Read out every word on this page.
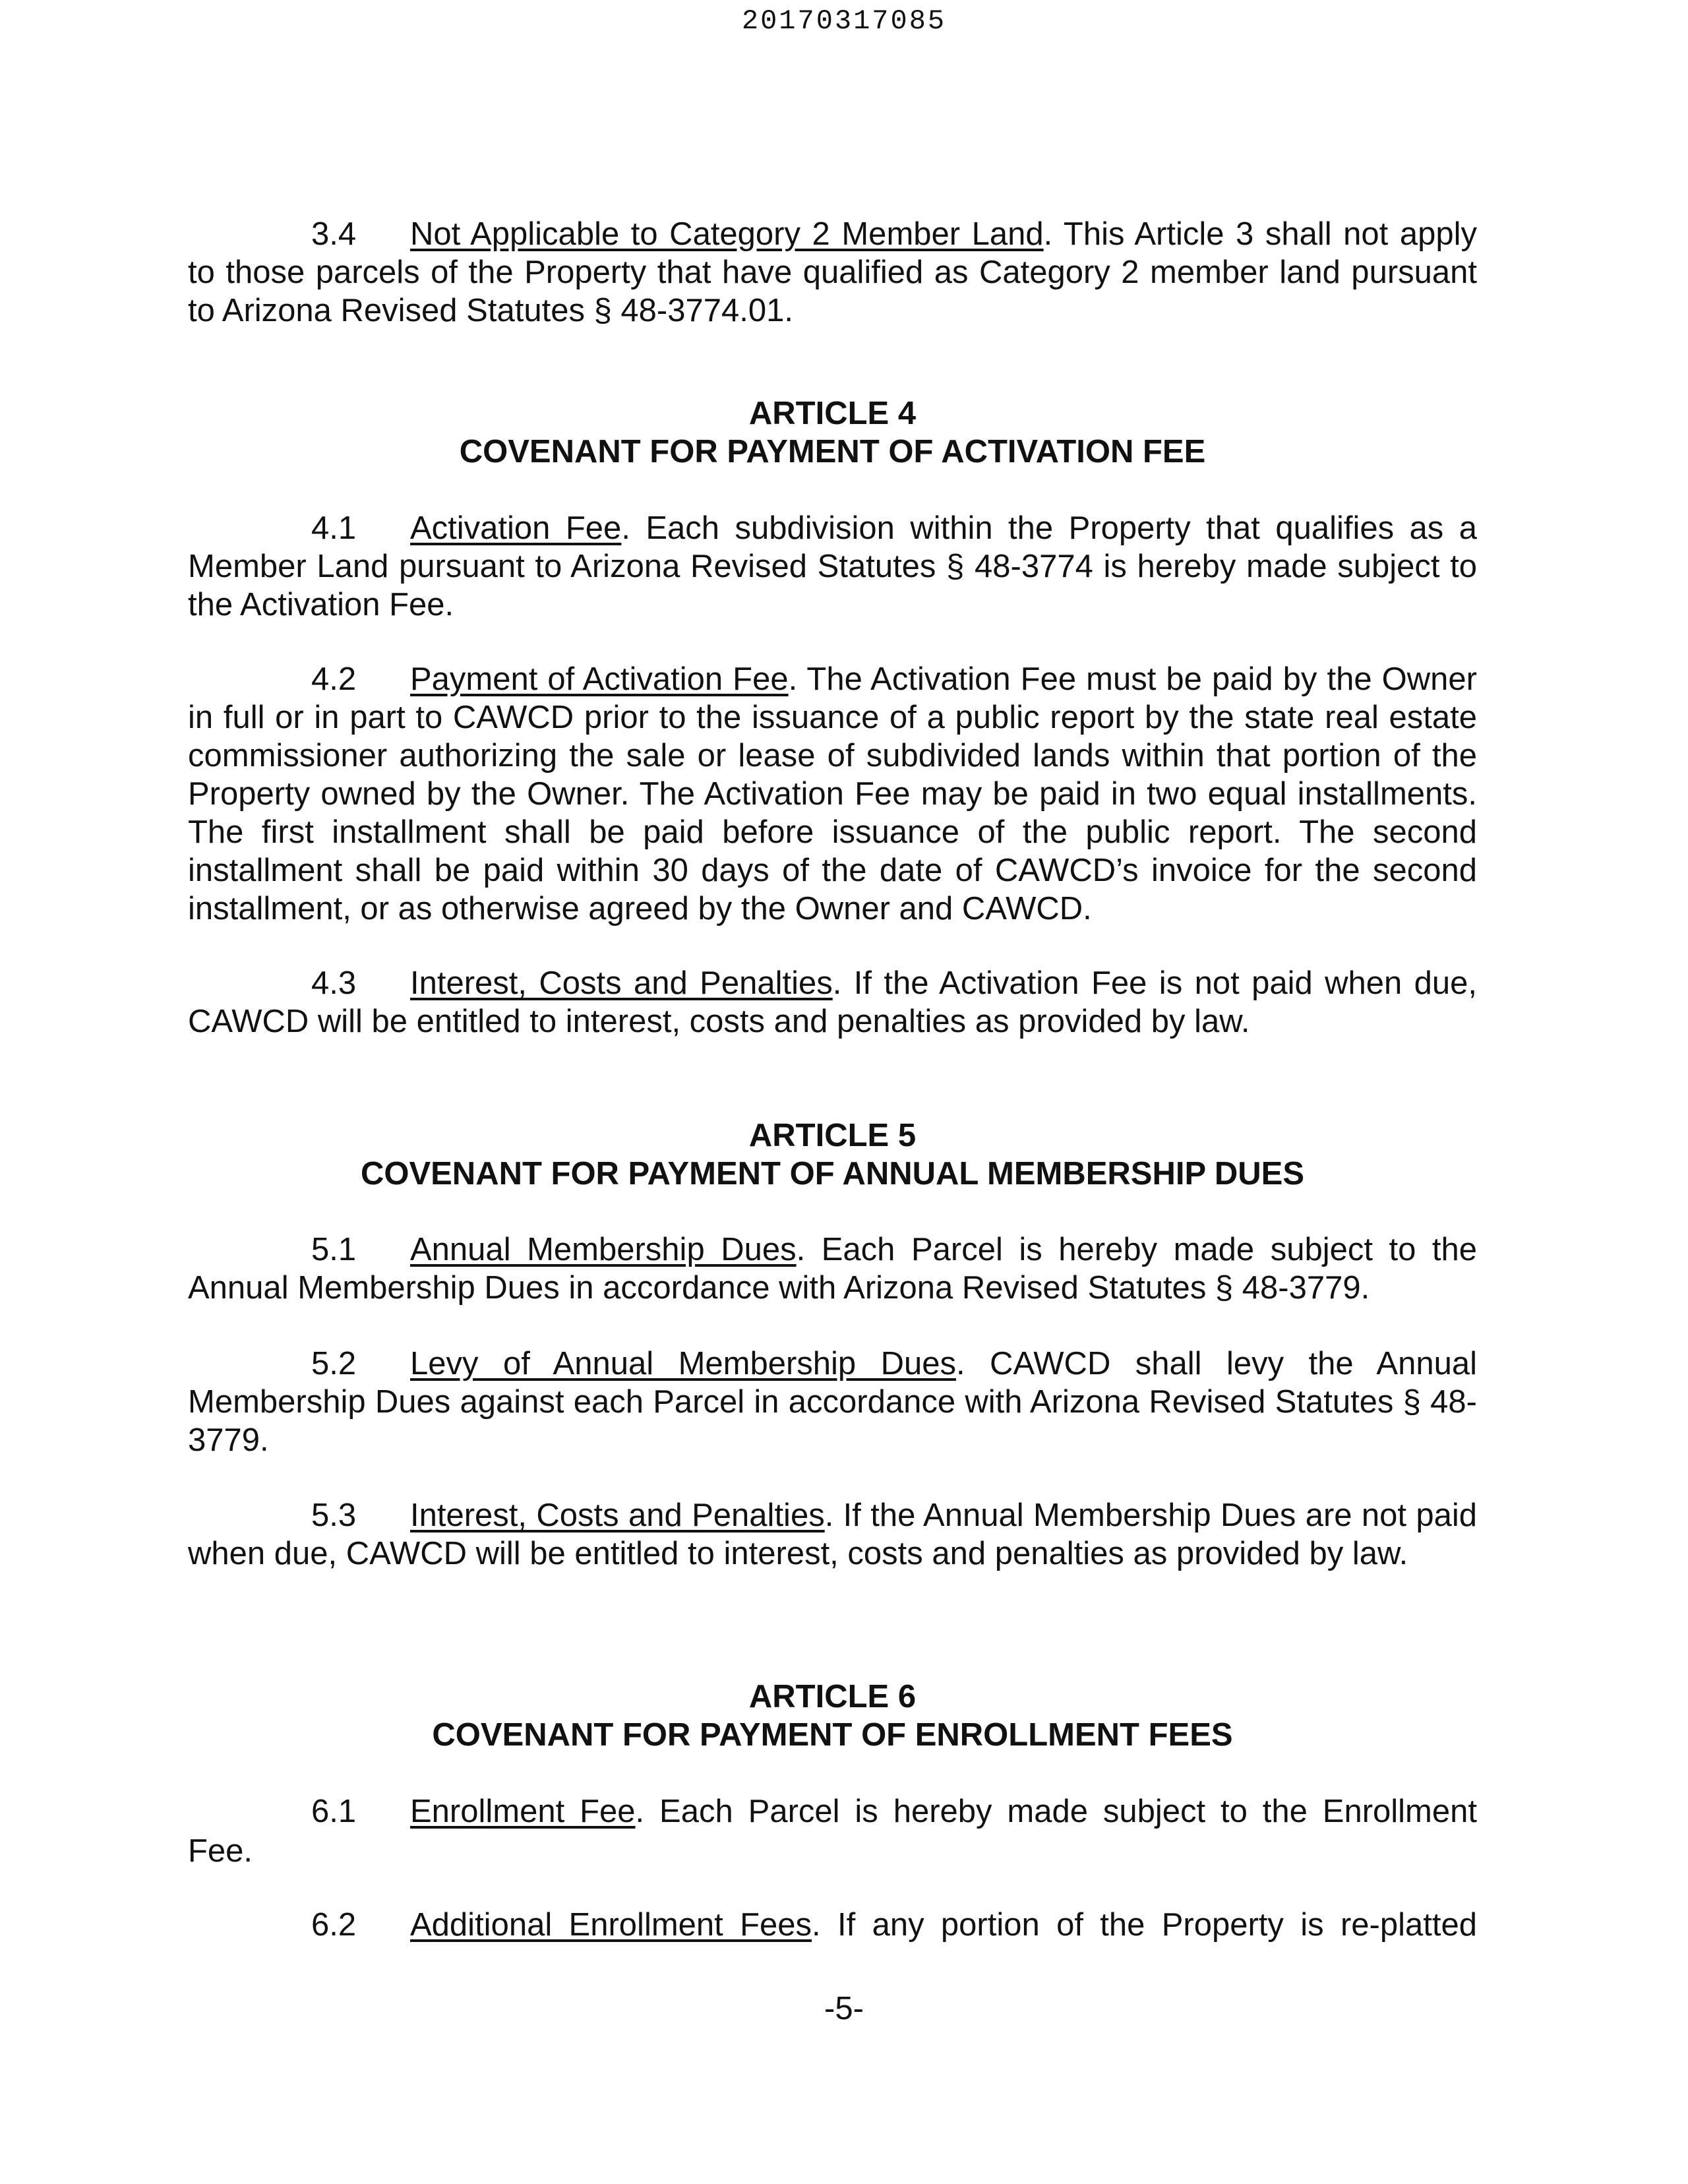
20170317085

3.4 Not Applicable to Category 2 Member Land. This Article 3 shall not apply to those parcels of the Property that have qualified as Category 2 member land pursuant to Arizona Revised Statutes § 48-3774.01.

ARTICLE 4
COVENANT FOR PAYMENT OF ACTIVATION FEE

4.1 Activation Fee. Each subdivision within the Property that qualifies as a Member Land pursuant to Arizona Revised Statutes § 48-3774 is hereby made subject to the Activation Fee.

4.2 Payment of Activation Fee. The Activation Fee must be paid by the Owner in full or in part to CAWCD prior to the issuance of a public report by the state real estate commissioner authorizing the sale or lease of subdivided lands within that portion of the Property owned by the Owner. The Activation Fee may be paid in two equal installments. The first installment shall be paid before issuance of the public report. The second installment shall be paid within 30 days of the date of CAWCD’s invoice for the second installment, or as otherwise agreed by the Owner and CAWCD.

4.3 Interest, Costs and Penalties. If the Activation Fee is not paid when due, CAWCD will be entitled to interest, costs and penalties as provided by law.

ARTICLE 5
COVENANT FOR PAYMENT OF ANNUAL MEMBERSHIP DUES

5.1 Annual Membership Dues. Each Parcel is hereby made subject to the Annual Membership Dues in accordance with Arizona Revised Statutes § 48-3779.

5.2 Levy of Annual Membership Dues. CAWCD shall levy the Annual Membership Dues against each Parcel in accordance with Arizona Revised Statutes § 48-3779.

5.3 Interest, Costs and Penalties. If the Annual Membership Dues are not paid when due, CAWCD will be entitled to interest, costs and penalties as provided by law.

ARTICLE 6
COVENANT FOR PAYMENT OF ENROLLMENT FEES
6.1 Enrollment Fee. Each Parcel is hereby made subject to the Enrollment
Fee.
6.2 Additional Enrollment Fees. If any portion of the Property is re-platted
-5-
